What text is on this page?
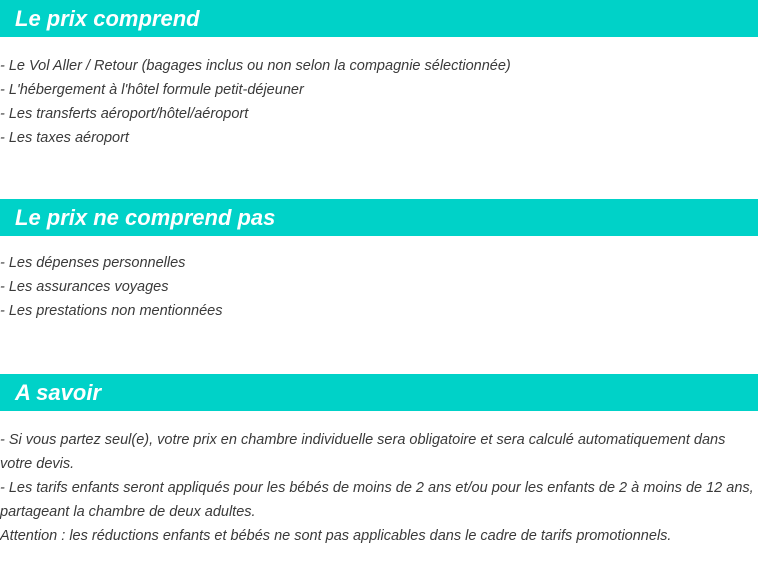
Le prix comprend
- Le Vol Aller / Retour (bagages inclus ou non selon la compagnie sélectionnée)
- L'hébergement à l'hôtel formule petit-déjeuner
- Les transferts aéroport/hôtel/aéroport
- Les taxes aéroport
Le prix ne comprend pas
- Les dépenses personnelles
- Les assurances voyages
- Les prestations non mentionnées
A savoir
- Si vous partez seul(e), votre prix en chambre individuelle sera obligatoire et sera calculé automatiquement dans votre devis.
- Les tarifs enfants seront appliqués pour les bébés de moins de 2 ans et/ou pour les enfants de 2 à moins de 12 ans, partageant la chambre de deux adultes.
Attention : les réductions enfants et bébés ne sont pas applicables dans le cadre de tarifs promotionnels.
